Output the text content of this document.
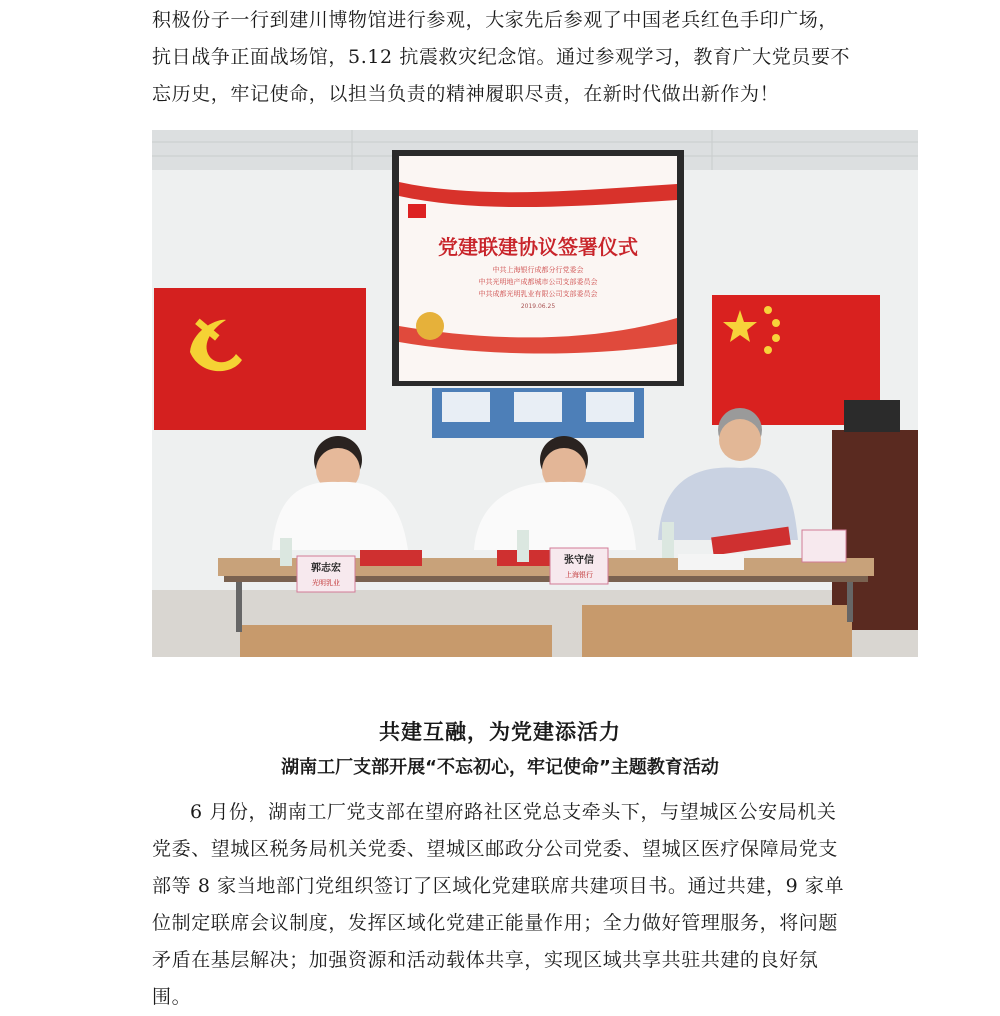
积极份子一行到建川博物馆进行参观，大家先后参观了中国老兵红色手印广场，抗日战争正面战场馆，5.12 抗震救灾纪念馆。通过参观学习，教育广大党员要不忘历史，牢记使命，以担当负责的精神履职尽责，在新时代做出新作为！

党建联建协议签署仪式
中共上海银行成都分行党委会
中共光明地产成都城市公司支部委员会
中共成都光明乳业有限公司支部委员会
2019.06.25
郭志宏
光明乳业
张守信
上海银行
共建互融，为党建添活力
湖南工厂支部开展“不忘初心，牢记使命”主题教育活动

6 月份，湖南工厂党支部在望府路社区党总支牵头下，与望城区公安局机关党委、望城区税务局机关党委、望城区邮政分公司党委、望城区医疗保障局党支部等 8 家当地部门党组织签订了区域化党建联席共建项目书。通过共建，9 家单位制定联席会议制度，发挥区域化党建正能量作用；全力做好管理服务，将问题矛盾在基层解决；加强资源和活动载体共享，实现区域共享共驻共建的良好氛围。
